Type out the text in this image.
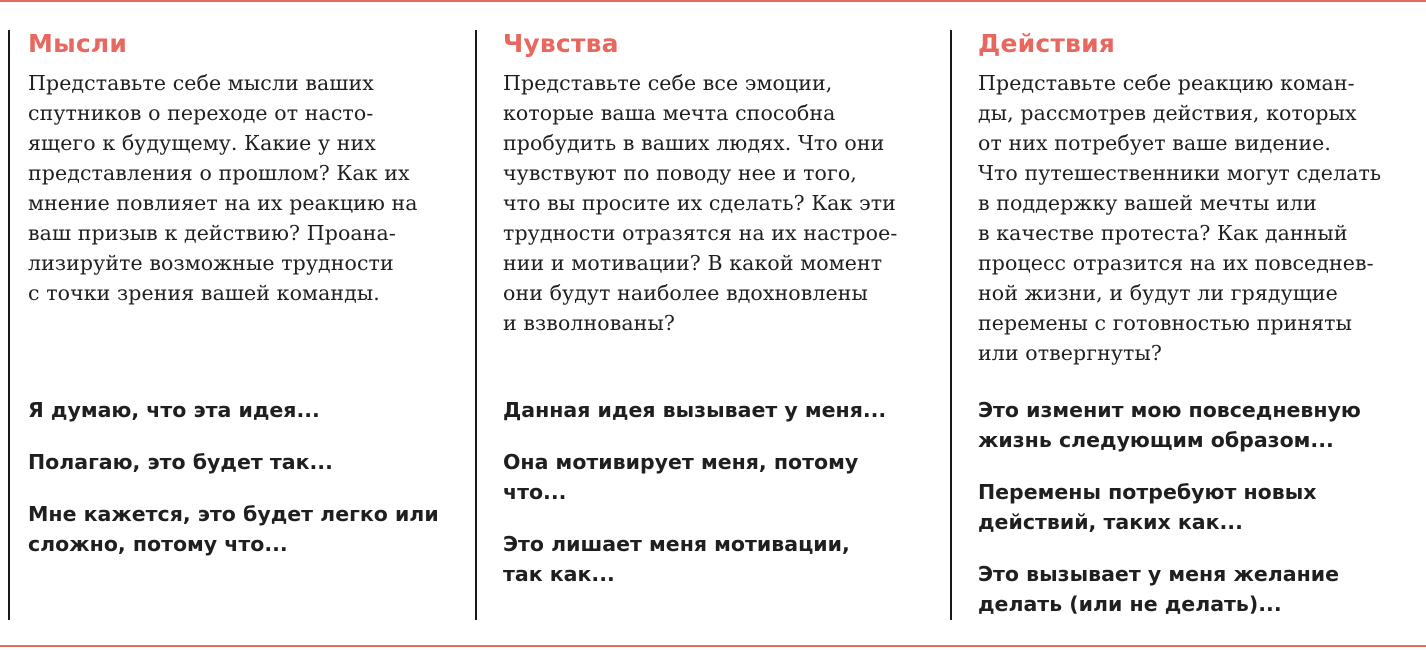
Мысли
Представьте себе мысли ваших
спутников о переходе от насто-
ящего к будущему. Какие у них
представления о прошлом? Как их
мнение повлияет на их реакцию на
ваш призыв к действию? Проана-
лизируйте возможные трудности
с точки зрения вашей команды.
Я думаю, что эта идея...
Полагаю, это будет так...
Мне кажется, это будет легко или
сложно, потому что...
Чувства
Представьте себе все эмоции,
которые ваша мечта способна
пробудить в ваших людях. Что они
чувствуют по поводу нее и того,
что вы просите их сделать? Как эти
трудности отразятся на их настрое-
нии и мотивации? В какой момент
они будут наиболее вдохновлены
и взволнованы?
Данная идея вызывает у меня...
Она мотивирует меня, потому
что...
Это лишает меня мотивации,
так как...
Действия
Представьте себе реакцию коман-
ды, рассмотрев действия, которых
от них потребует ваше видение.
Что путешественники могут сделать
в поддержку вашей мечты или
в качестве протеста? Как данный
процесс отразится на их повседнев-
ной жизни, и будут ли грядущие
перемены с готовностью приняты
или отвергнуты?
Это изменит мою повседневную
жизнь следующим образом...
Перемены потребуют новых
действий, таких как...
Это вызывает у меня желание
делать (или не делать)...
